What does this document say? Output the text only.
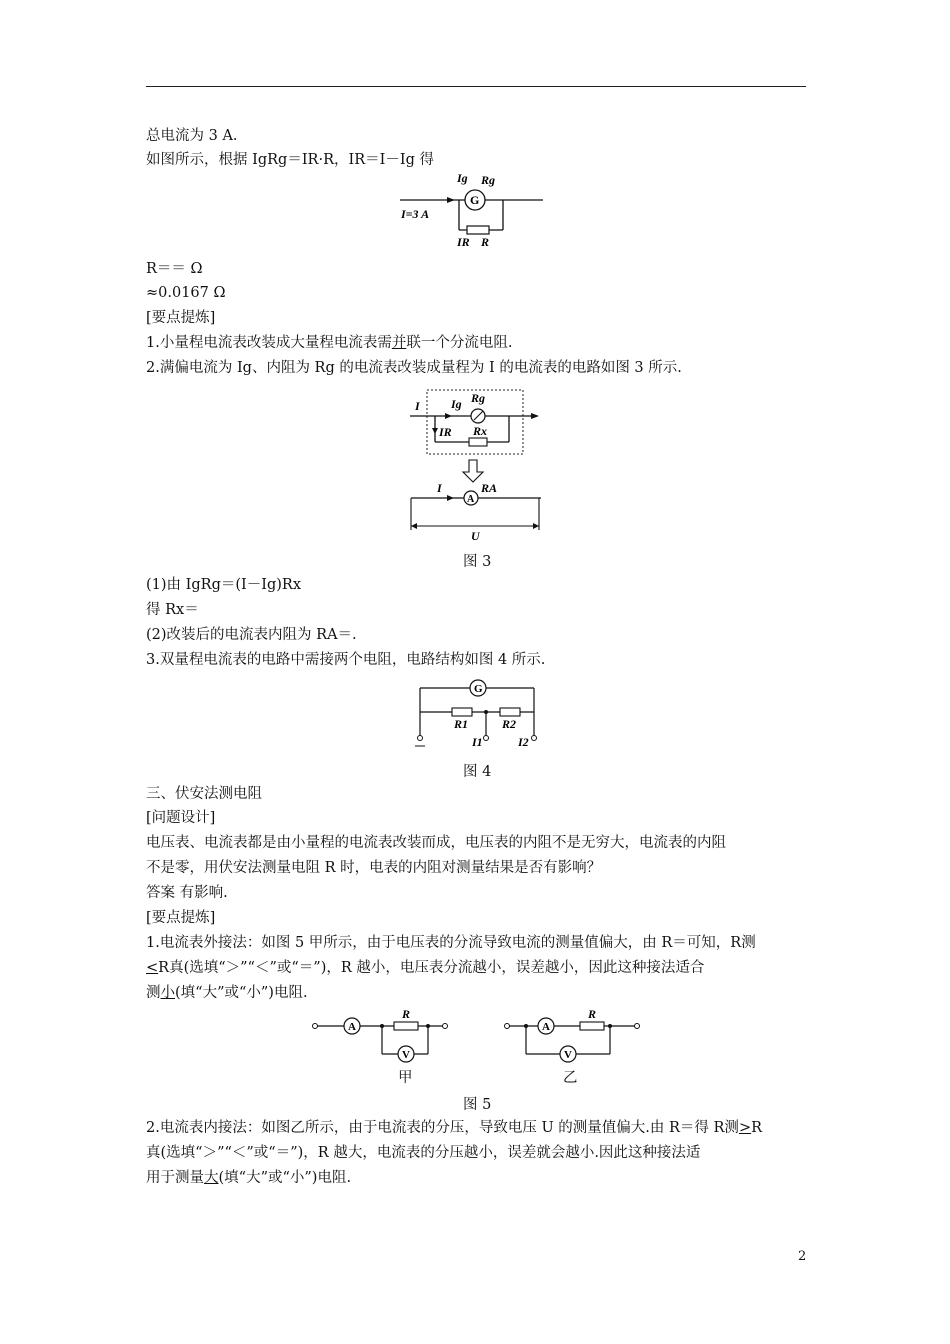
总电流为 3 A.
如图所示，根据 IgRg＝IR·R，IR＝I－Ig 得
G
Ig Rg
I=3 A
IR R
R＝＝ Ω
≈0.0167 Ω
[要点提炼]
1.小量程电流表改装成大量程电流表需并联一个分流电阻.
2.满偏电流为 Ig、内阻为 Rg 的电流表改装成量程为 I 的电流表的电路如图 3 所示.
I	Ig Rg
IR Rx
A
I	RA
U
图 3
(1)由 IgRg＝(I－Ig)Rx
得 Rx＝
(2)改装后的电流表内阻为 RA＝.
3.双量程电流表的电路中需接两个电阻，电路结构如图 4 所示.
G
R1	R2
I1	I2
图 4
三、伏安法测电阻
[问题设计]
电压表、电流表都是由小量程的电流表改装而成，电压表的内阻不是无穷大，电流表的内阻
不是零，用伏安法测量电阻 R 时，电表的内阻对测量结果是否有影响？
答案 有影响.
[要点提炼]
1.电流表外接法：如图 5 甲所示，由于电压表的分流导致电流的测量值偏大，由 R＝可知，R测
<R真(选填“＞”“＜”或“＝”)，R 越小，电压表分流越小，误差越小，因此这种接法适合
测小(填“大”或“小”)电阻.
A
R
V
甲
A
R
V
乙
图 5
2.电流表内接法：如图乙所示，由于电流表的分压，导致电压 U 的测量值偏大.由 R＝得 R测>R
真(选填“＞”“＜”或“＝”)，R 越大，电流表的分压越小，误差就会越小.因此这种接法适
用于测量大(填“大”或“小”)电阻.
2
